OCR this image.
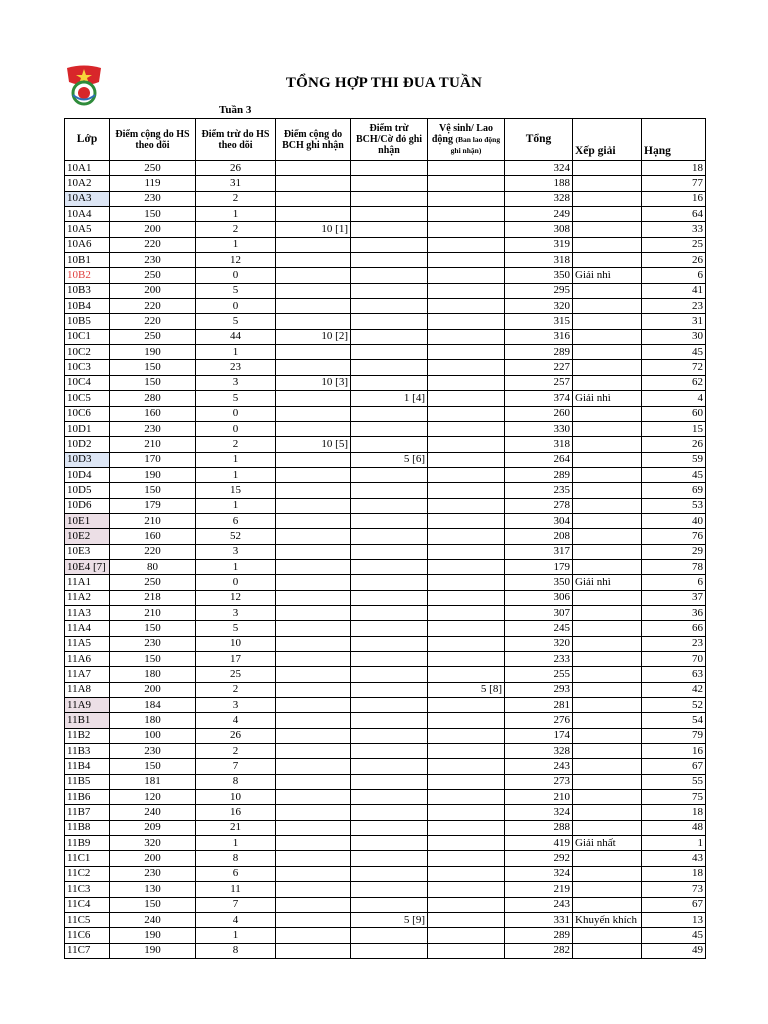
TỔNG HỢP THI ĐUA TUẦN
Tuần 3
Lớp	Điểm cộng do HS theo dõi	Điểm trừ do HS theo dõi	Điểm cộng do BCH ghi nhận	Điểm trừ BCH/Cờ đỏ ghi nhận	Vệ sinh/ Lao động (Ban lao động ghi nhận)	Tổng	Xếp giải	Hạng
10A1	250	26				324		18
10A2	119	31				188		77
10A3	230	2				328		16
10A4	150	1				249		64
10A5	200	2	10 [1]			308		33
10A6	220	1				319		25
10B1	230	12				318		26
10B2	250	0				350	Giải nhì	6
10B3	200	5				295		41
10B4	220	0				320		23
10B5	220	5				315		31
10C1	250	44	10 [2]			316		30
10C2	190	1				289		45
10C3	150	23				227		72
10C4	150	3	10 [3]			257		62
10C5	280	5		1 [4]		374	Giải nhì	4
10C6	160	0				260		60
10D1	230	0				330		15
10D2	210	2	10 [5]			318		26
10D3	170	1		5 [6]		264		59
10D4	190	1				289		45
10D5	150	15				235		69
10D6	179	1				278		53
10E1	210	6				304		40
10E2	160	52				208		76
10E3	220	3				317		29
10E4 [7]	80	1				179		78
11A1	250	0				350	Giải nhì	6
11A2	218	12				306		37
11A3	210	3				307		36
11A4	150	5				245		66
11A5	230	10				320		23
11A6	150	17				233		70
11A7	180	25				255		63
11A8	200	2			5 [8]	293		42
11A9	184	3				281		52
11B1	180	4				276		54
11B2	100	26				174		79
11B3	230	2				328		16
11B4	150	7				243		67
11B5	181	8				273		55
11B6	120	10				210		75
11B7	240	16				324		18
11B8	209	21				288		48
11B9	320	1				419	Giải nhất	1
11C1	200	8				292		43
11C2	230	6				324		18
11C3	130	11				219		73
11C4	150	7				243		67
11C5	240	4		5 [9]		331	Khuyến khích	13
11C6	190	1				289		45
11C7	190	8				282		49
